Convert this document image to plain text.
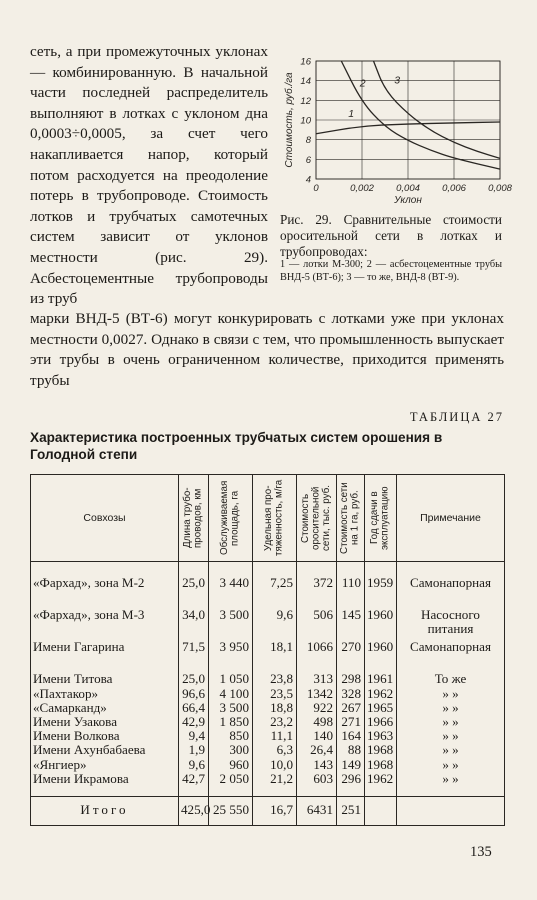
сеть, а при промежуточных уклонах — комбинированную. В начальной части последней распределитель выполняют в лотках с уклоном дна 0,0003÷0,0005, за счет чего накапливается напор, который потом расходуется на преодоление потерь в трубопроводе. Стоимость лотков и трубчатых самотечных систем зависит от уклонов местности (рис. 29). Асбестоцементные трубопроводы из труб

4
6
8
10
12
14
16
0	0,002 0,004 0,006 0,008
Уклон
Стоимость, руб./га	1
2	3
Рис. 29. Сравнительные стоимости оросительной сети в лотках и трубопроводах:
1 — лотки М-300; 2 — асбестоцементные трубы ВНД-5 (ВТ-6); 3 — то же, ВНД-8 (ВТ-9).

марки ВНД-5 (ВТ-6) могут конкурировать с лотками уже при уклонах местности 0,0027. Однако в связи с тем, что промышленность выпускает эти трубы в очень ограниченном количестве, приходится применять трубы

ТАБЛИЦА 27
Характеристика построенных трубчатых систем орошения в Голодной степи
Совхозы	Длина трубопроводов, км	Обслуживаемая площадь, га	Удельная протяженность, м/га	Стоимость оросительной сети, тыс. руб.	Стоимость сети на 1 га, руб.	Год сдачи в эксплуатацию	Примечание

«Фархад», зона М-2	25,0	3 440	7,25	372	110	1959	Самонапорная
«Фархад», зона М-3	34,0	3 500	9,6	506	145	1960	Насосного питания
Имени Гагарина	71,5	3 950	18,1	1066	270	1960	Самонапорная
Имени Титова	25,0	1 050	23,8	313	298	1961	То же
«Пахтакор»	96,6	4 100	23,5	1342	328	1962	» »
«Самарканд»	66,4	3 500	18,8	922	267	1965	» »
Имени Узакова	42,9	1 850	23,2	498	271	1966	» »
Имени Волкова	9,4	850	11,1	140	164	1963	» »
Имени Ахунбабаева	1,9	300	6,3	26,4	88	1968	» »
«Янгиер»	9,6	960	10,0	143	149	1968	» »
Имени Икрамова	42,7	2 050	21,2	603	296	1962	» »

Итого	425,0	25 550	16,7	6431	251		
135
